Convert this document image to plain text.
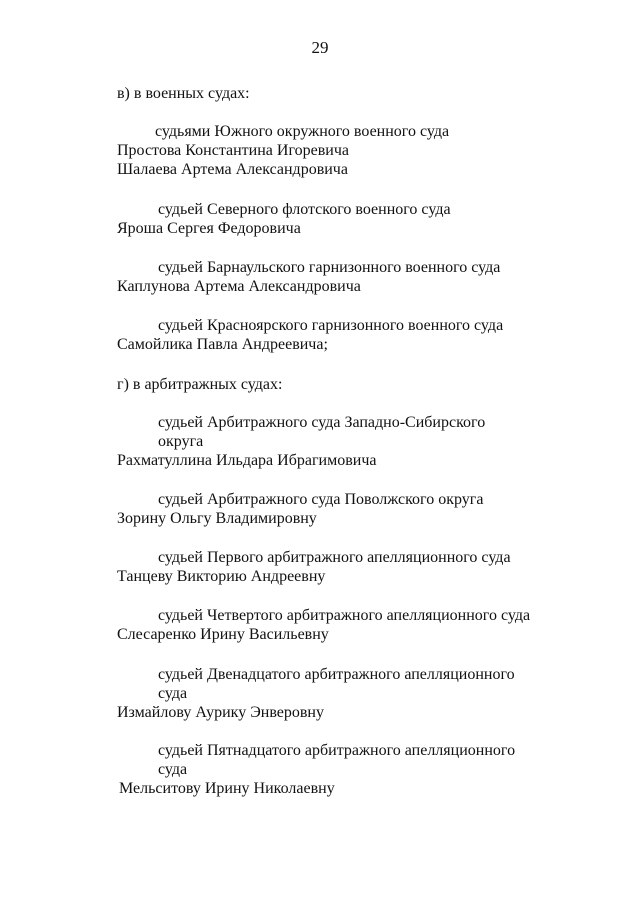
29
в) в военных судах:
судьями Южного окружного военного суда
Простова Константина Игоревича
Шалаева Артема Александровича
судьей Северного флотского военного суда
Яроша Сергея Федоровича
судьей Барнаульского гарнизонного военного суда
Каплунова Артема Александровича
судьей Красноярского гарнизонного военного суда
Самойлика Павла Андреевича;
г) в арбитражных судах:
судьей Арбитражного суда Западно-Сибирского
округа
Рахматуллина Ильдара Ибрагимовича
судьей Арбитражного суда Поволжского округа
Зорину Ольгу Владимировну
судьей Первого арбитражного апелляционного суда
Танцеву Викторию Андреевну
судьей Четвертого арбитражного апелляционного суда
Слесаренко Ирину Васильевну
судьей Двенадцатого арбитражного апелляционного
суда
Измайлову Аурику Энверовну
судьей Пятнадцатого арбитражного апелляционного
суда
Мельситову Ирину Николаевну
